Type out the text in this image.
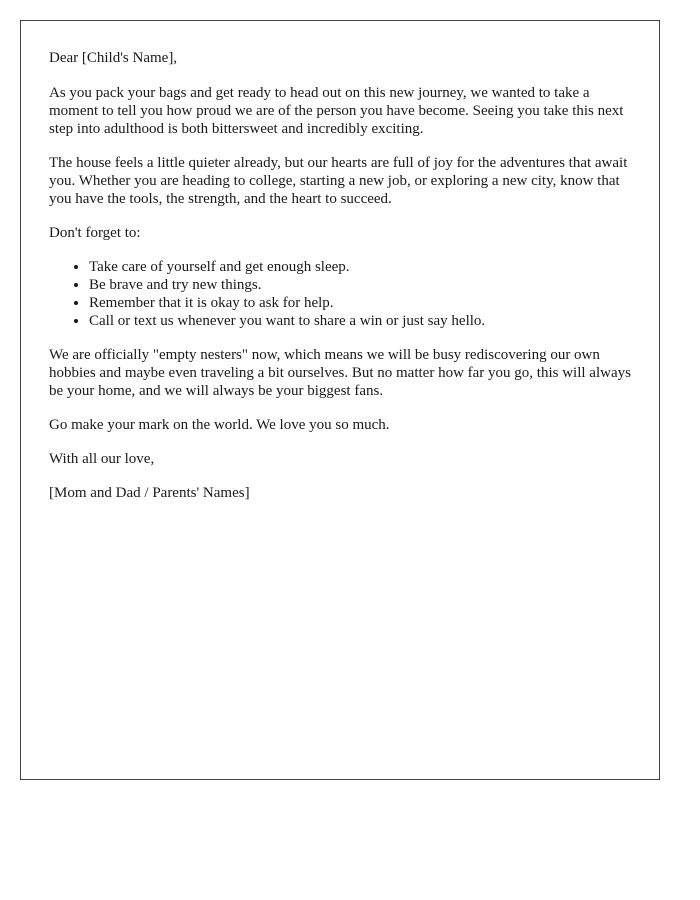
Dear [Child's Name],

As you pack your bags and get ready to head out on this new journey, we wanted to take a moment to tell you how proud we are of the person you have become. Seeing you take this next step into adulthood is both bittersweet and incredibly exciting.

The house feels a little quieter already, but our hearts are full of joy for the adventures that await you. Whether you are heading to college, starting a new job, or exploring a new city, know that you have the tools, the strength, and the heart to succeed.

Don't forget to:

• Take care of yourself and get enough sleep.
• Be brave and try new things.
• Remember that it is okay to ask for help.
• Call or text us whenever you want to share a win or just say hello.

We are officially "empty nesters" now, which means we will be busy rediscovering our own hobbies and maybe even traveling a bit ourselves. But no matter how far you go, this will always be your home, and we will always be your biggest fans.

Go make your mark on the world. We love you so much.

With all our love,

[Mom and Dad / Parents' Names]
